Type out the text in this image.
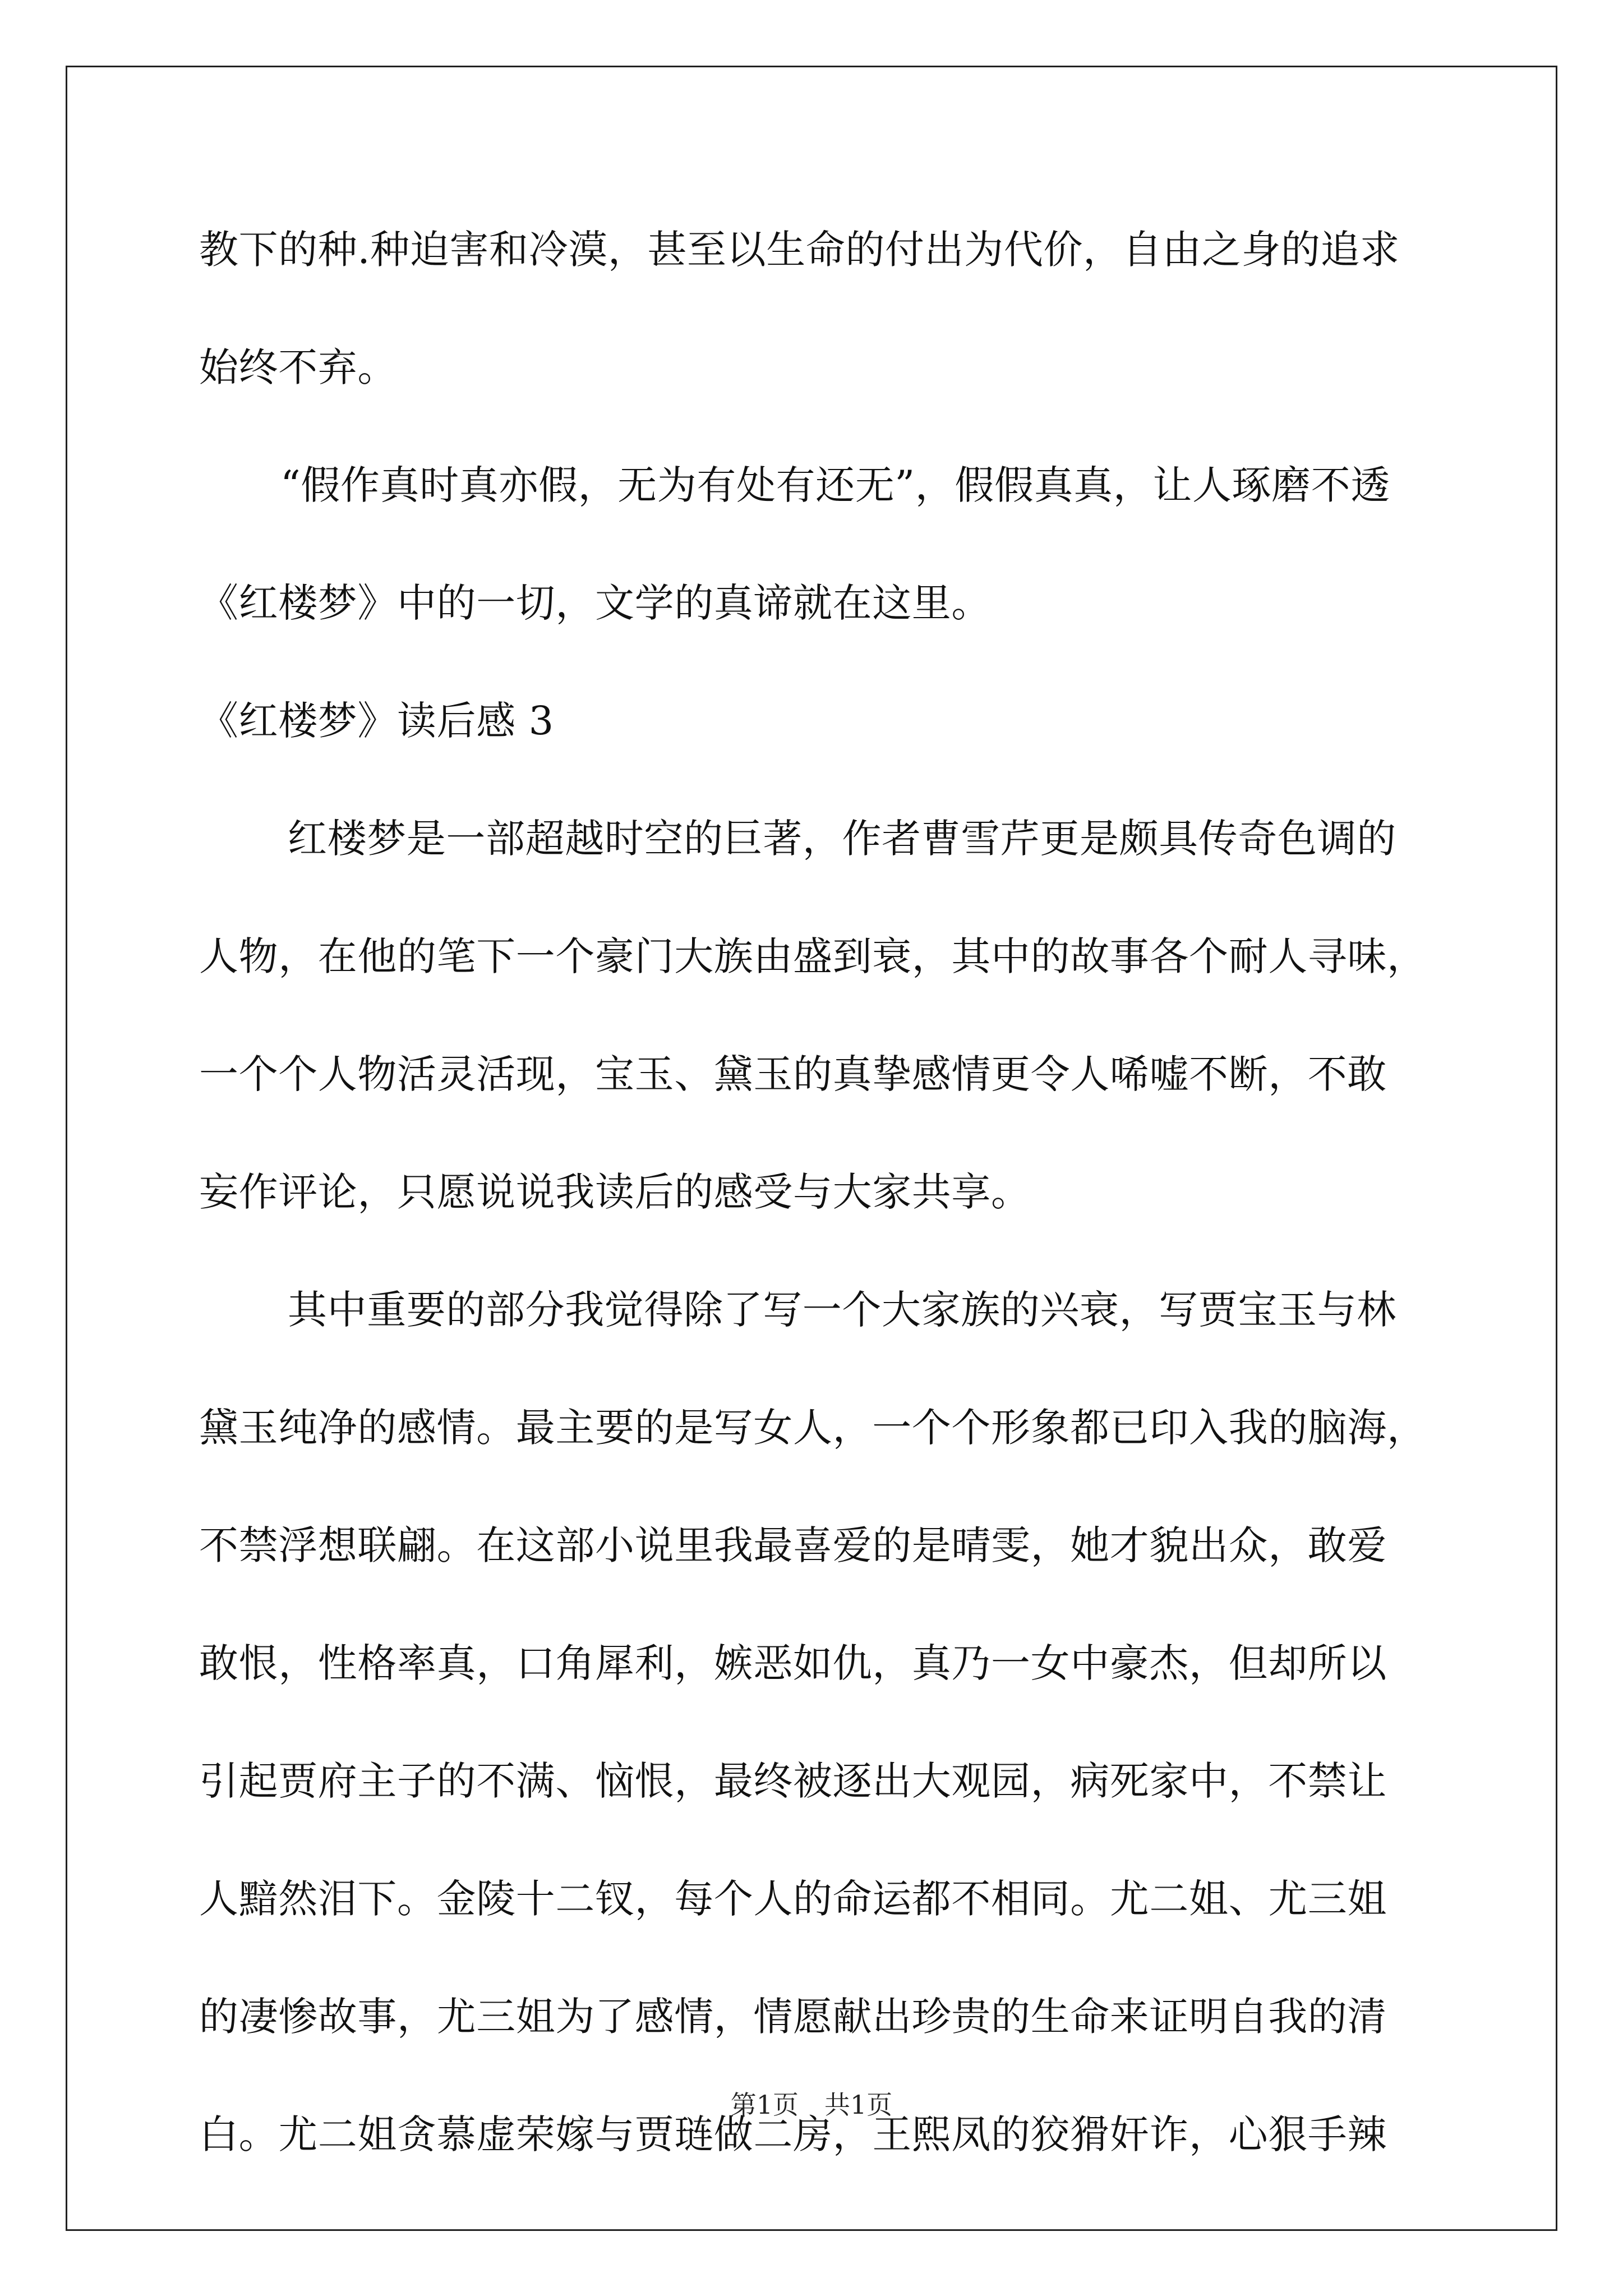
教下的种.种迫害和冷漠，甚至以生命的付出为代价，自由之身的追求
始终不弃。
“假作真时真亦假，无为有处有还无”，假假真真，让人琢磨不透
《红楼梦》中的一切，文学的真谛就在这里。
《红楼梦》读后感 3
红楼梦是一部超越时空的巨著，作者曹雪芹更是颇具传奇色调的
人物，在他的笔下一个豪门大族由盛到衰，其中的故事各个耐人寻味，
一个个人物活灵活现，宝玉、黛玉的真挚感情更令人唏嘘不断，不敢
妄作评论，只愿说说我读后的感受与大家共享。
其中重要的部分我觉得除了写一个大家族的兴衰，写贾宝玉与林
黛玉纯净的感情。最主要的是写女人，一个个形象都已印入我的脑海，
不禁浮想联翩。在这部小说里我最喜爱的是晴雯，她才貌出众，敢爱
敢恨，性格率真，口角犀利，嫉恶如仇，真乃一女中豪杰，但却所以
引起贾府主子的不满、恼恨，最终被逐出大观园，病死家中，不禁让
人黯然泪下。金陵十二钗，每个人的命运都不相同。尤二姐、尤三姐
的凄惨故事，尤三姐为了感情，情愿献出珍贵的生命来证明自我的清
白。尤二姐贪慕虚荣嫁与贾琏做二房，王熙凤的狡猾奸诈，心狠手辣
第1页　共1页
